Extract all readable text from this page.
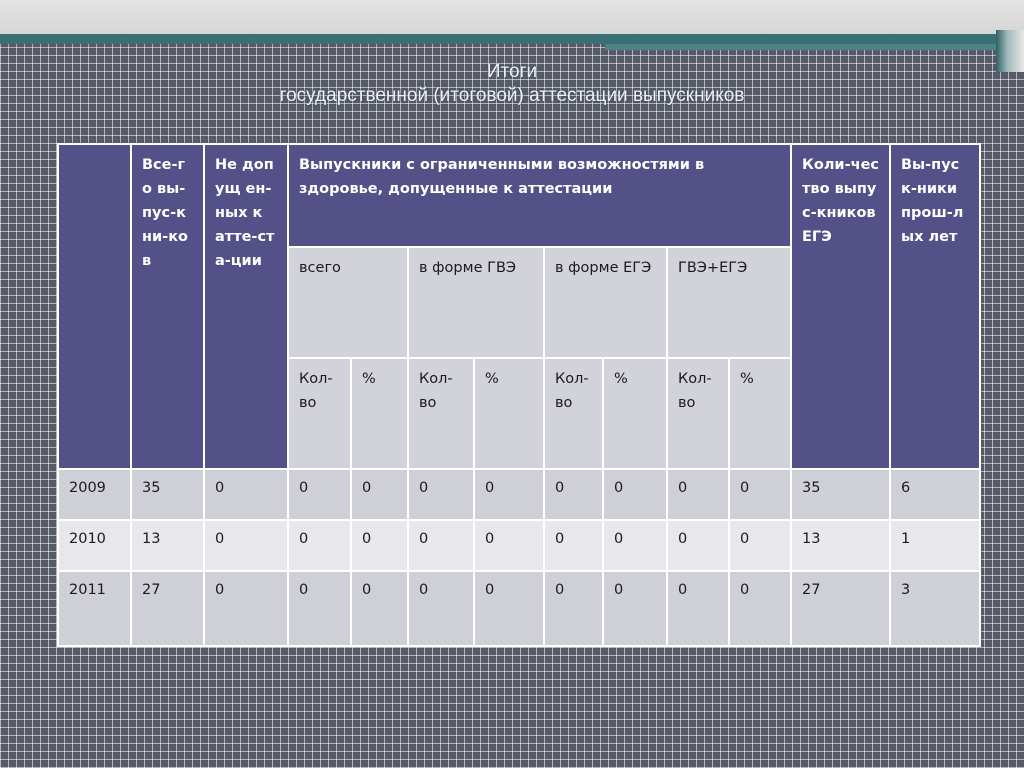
Итоги
государственной (итоговой) аттестации выпускников
	Все-го вы-пус-кни-ков	Не допущ ен-ных к атте-ста-ции	Выпускники с ограниченными возможностями в здоровье, допущенные к аттестации								Коли-чество выпус-кников ЕГЭ	Вы-пуск-ники прош-лых лет
			всего		в форме ГВЭ		в форме ЕГЭ		ГВЭ+ЕГЭ			
			Кол-во	%	Кол-во	%	Кол-во	%	Кол-во	%		
2009	35	0	0	0	0	0	0	0	0	0	35	6
2010	13	0	0	0	0	0	0	0	0	0	13	1
2011	27	0	0	0	0	0	0	0	0	0	27	3
